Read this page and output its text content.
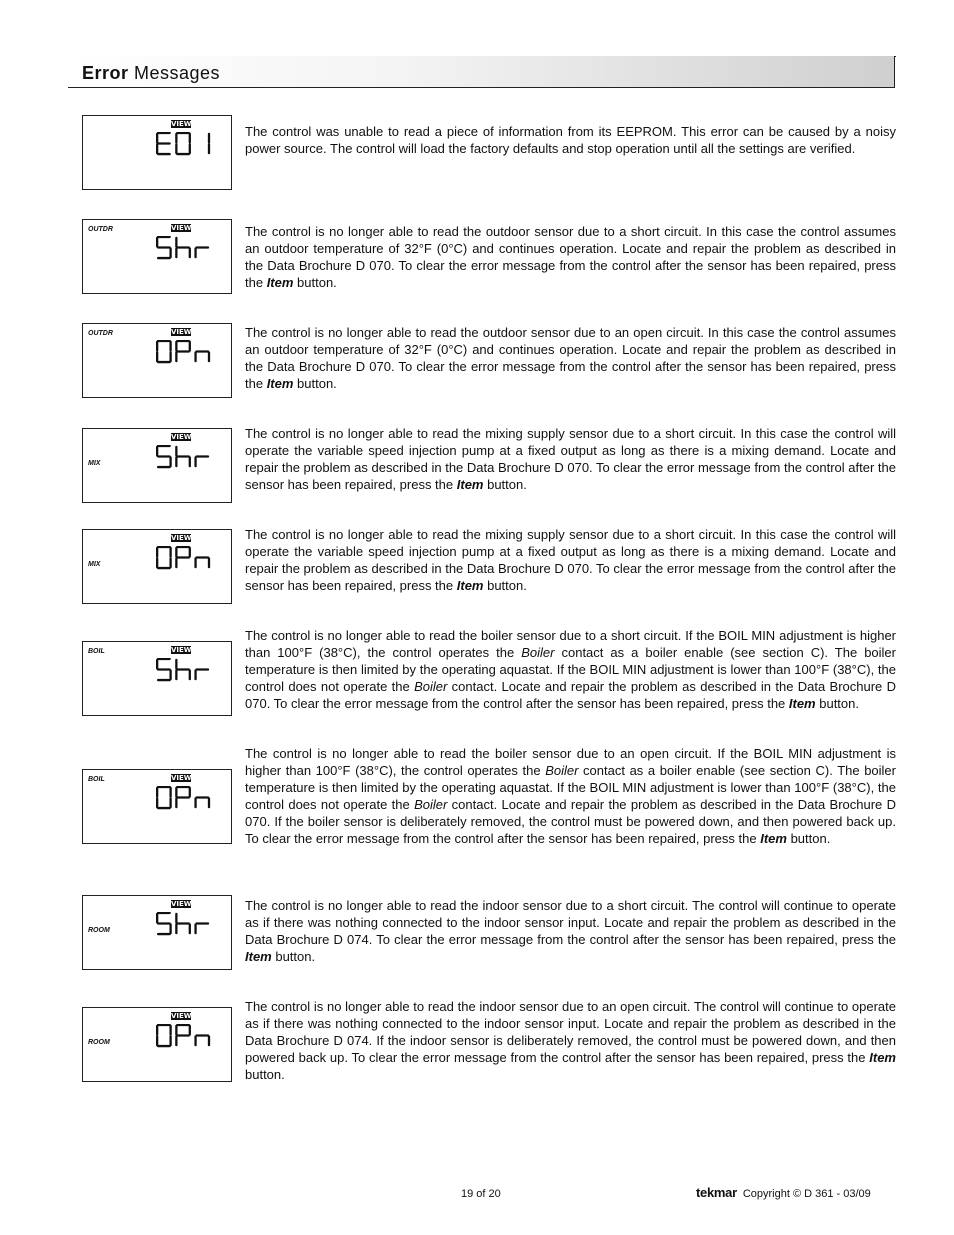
Error Messages
VIEW	The control was unable to read a piece of information from its EEPROM. This error can be caused by a noisy power source. The control will load the factory defaults and stop operation until all the settings are verified.
VIEW
OUTDR	The control is no longer able to read the outdoor sensor due to a short circuit. In this case the control assumes an outdoor temperature of 32°F (0°C) and continues operation. Locate and repair the problem as described in the Data Brochure D 070. To clear the error message from the control after the sensor has been repaired, press the Item button.
VIEW
OUTDR	The control is no longer able to read the outdoor sensor due to an open circuit. In this case the control assumes an outdoor temperature of 32°F (0°C) and continues operation. Locate and repair the problem as described in the Data Brochure D 070. To clear the error message from the control after the sensor has been repaired, press the Item button.
VIEW
MIX
The control is no longer able to read the mixing supply sensor due to a short circuit. In this case the control will operate the variable speed injection pump at a fixed output as long as there is a mixing demand. Locate and repair the problem as described in the Data Brochure D 070. To clear the error message from the control after the sensor has been repaired, press the Item button.
VIEW
MIX
The control is no longer able to read the mixing supply sensor due to a short circuit. In this case the control will operate the variable speed injection pump at a fixed output as long as there is a mixing demand. Locate and repair the problem as described in the Data Brochure D 070. To clear the error message from the control after the sensor has been repaired, press the Item button.
VIEW
BOIL
The control is no longer able to read the boiler sensor due to a short circuit. If the BOIL MIN adjustment is higher than 100°F (38°C), the control operates the Boiler contact as a boiler enable (see section C). The boiler temperature is then limited by the operating aquastat. If the BOIL MIN adjustment is lower than 100°F (38°C), the control does not operate the Boiler contact. Locate and repair the problem as described in the Data Brochure D 070. To clear the error message from the control after the sensor has been repaired, press the Item button.
VIEW
BOIL
The control is no longer able to read the boiler sensor due to an open circuit. If the BOIL MIN adjustment is higher than 100°F (38°C), the control operates the Boiler contact as a boiler enable (see section C). The boiler temperature is then limited by the operating aquastat. If the BOIL MIN adjustment is lower than 100°F (38°C), the control does not operate the Boiler contact. Locate and repair the problem as described in the Data Brochure D 070. If the boiler sensor is deliberately removed, the control must be powered down, and then powered back up. To clear the error message from the control after the sensor has been repaired, press the Item button.
VIEW
ROOM
The control is no longer able to read the indoor sensor due to a short circuit. The control will continue to operate as if there was nothing connected to the indoor sensor input. Locate and repair the problem as described in the Data Brochure D 074. To clear the error message from the control after the sensor has been repaired, press the Item button.
VIEW
ROOM
The control is no longer able to read the indoor sensor due to an open circuit. The control will continue to operate as if there was nothing connected to the indoor sensor input. Locate and repair the problem as described in the Data Brochure D 074. If the indoor sensor is deliberately removed, the control must be powered down, and then powered back up. To clear the error message from the control after the sensor has been repaired, press the Item button.
19 of 20	tekmar Copyright © D 361 - 03/09
